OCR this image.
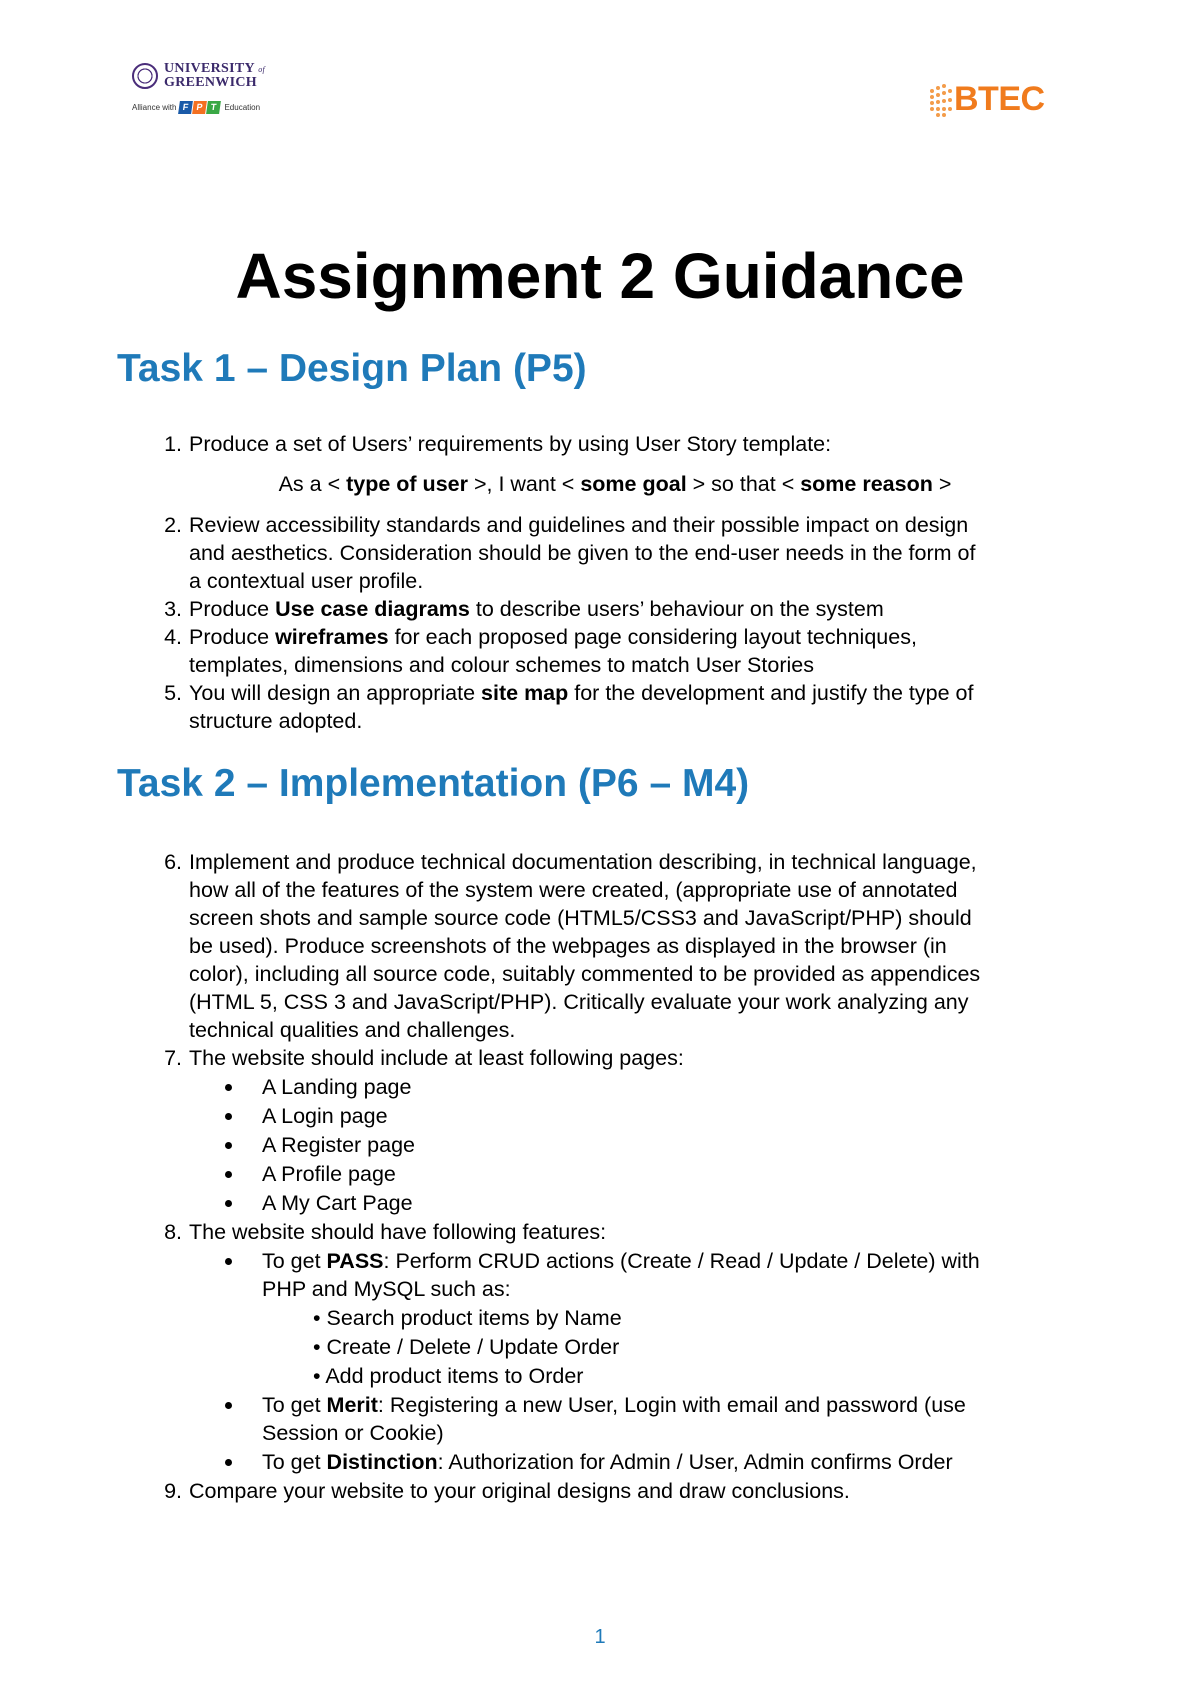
UNIVERSITY of
GREENWICH
Alliance with F P T Education	BTEC
Assignment 2 Guidance
Task 1 – Design Plan (P5)
1. Produce a set of Users’ requirements by using User Story template:
As a < type of user >, I want < some goal > so that < some reason >
2. Review accessibility standards and guidelines and their possible impact on design
and aesthetics. Consideration should be given to the end-user needs in the form of
a contextual user profile.
3. Produce Use case diagrams to describe users’ behaviour on the system
4. Produce wireframes for each proposed page considering layout techniques,
templates, dimensions and colour schemes to match User Stories
5. You will design an appropriate site map for the development and justify the type of
structure adopted.
Task 2 – Implementation (P6 – M4)
6. Implement and produce technical documentation describing, in technical language,
how all of the features of the system were created, (appropriate use of annotated
screen shots and sample source code (HTML5/CSS3 and JavaScript/PHP) should
be used). Produce screenshots of the webpages as displayed in the browser (in
color), including all source code, suitably commented to be provided as appendices
(HTML 5, CSS 3 and JavaScript/PHP). Critically evaluate your work analyzing any
technical qualities and challenges.
7. The website should include at least following pages:
A Landing page
A Login page
A Register page
A Profile page
A My Cart Page
8. The website should have following features:
To get PASS: Perform CRUD actions (Create / Read / Update / Delete) with
PHP and MySQL such as:
• Search product items by Name
• Create / Delete / Update Order
• Add product items to Order
To get Merit: Registering a new User, Login with email and password (use
Session or Cookie)
To get Distinction: Authorization for Admin / User, Admin confirms Order
9. Compare your website to your original designs and draw conclusions.
1
